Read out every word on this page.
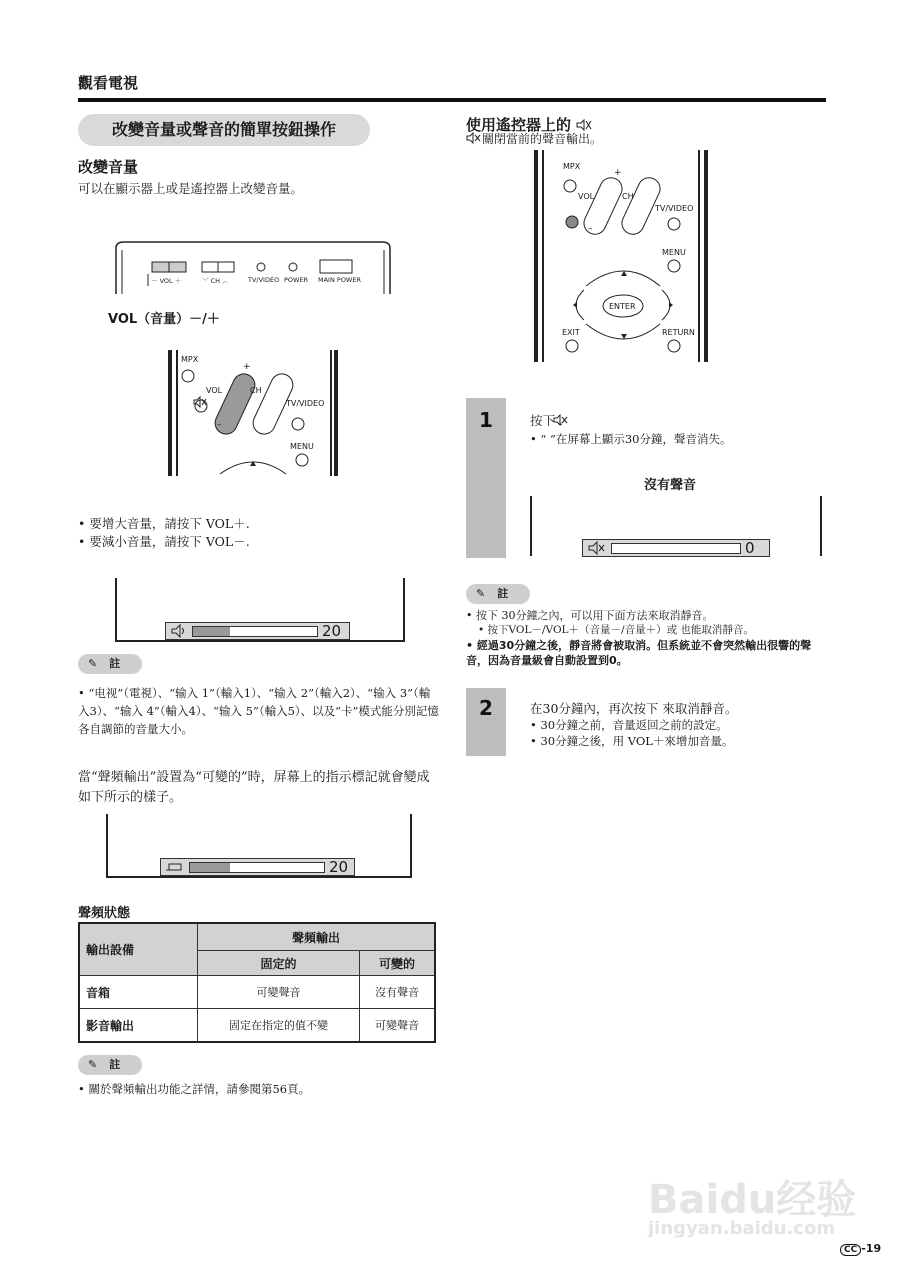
觀看電視
改變音量或聲音的簡單按鈕操作
改變音量
可以在顯示器上或是遙控器上改變音量。
－ VOL ＋	﹀ CH ︿	TV/VIDEO POWER MAIN POWER
VOL（音量）－/＋
MPX
VOL	CH
TV/VIDEO
MENU
+
–
• 要增大音量，請按下 VOL＋.
• 要減小音量，請按下 VOL－.
20
✎ 註
• “电视”（電視）、“输入 1”（輸入1）、“输入 2”（輸入2）、“输入 3”（輸入3）、“输入 4”（輸入4）、“输入 5”（輸入5）、以及“卡”模式能分別記憶各自調節的音量大小。
當“聲頻輸出”設置為“可變的”時，屏幕上的指示標記就會變成如下所示的樣子。
20
聲頻狀態
輸出設備	聲頻輸出	
	固定的	可變的
音箱	可變聲音	沒有聲音
影音輸出	固定在指定的值不變	可變聲音
✎ 註
• 關於聲頻輸出功能之詳情，請參閱第56頁。
使用遙控器上的
關閉當前的聲音輸出。
MPX
VOL	CH
TV/VIDEO
MENU
ENTER
EXIT	RETURN
+
–
1	按下 .
• “ ”在屏幕上顯示30分鐘，聲音消失。
沒有聲音
0
✎ 註
• 按下 30分鐘之內，可以用下面方法來取消靜音。
• 按下VOL－/VOL＋（音量－/音量＋）或 也能取消靜音。
• 經過30分鐘之後，靜音將會被取消。但系統並不會突然輸出很響的聲音，因為音量級會自動設置到0。
2	在30分鐘內，再次按下 來取消靜音。
• 30分鐘之前，音量返回之前的設定。
• 30分鐘之後，用 VOL＋來增加音量。
Baidu经验
jingyan.baidu.com
CC -19
